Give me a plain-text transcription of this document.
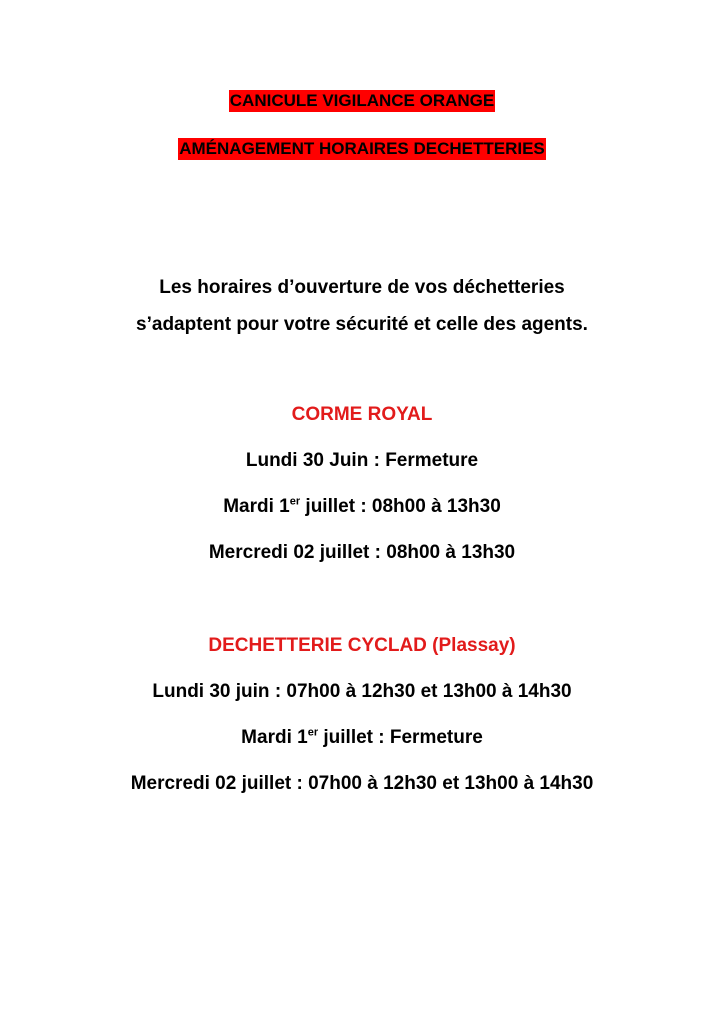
CANICULE VIGILANCE ORANGE
AMÉNAGEMENT HORAIRES DECHETTERIES
Les horaires d’ouverture de vos déchetteries
s’adaptent pour votre sécurité et celle des agents.
CORME ROYAL
Lundi 30 Juin : Fermeture
Mardi 1er juillet : 08h00 à 13h30
Mercredi 02 juillet : 08h00 à 13h30
DECHETTERIE CYCLAD (Plassay)
Lundi 30 juin : 07h00 à 12h30 et 13h00 à 14h30
Mardi 1er juillet : Fermeture
Mercredi 02 juillet : 07h00 à 12h30 et 13h00 à 14h30
